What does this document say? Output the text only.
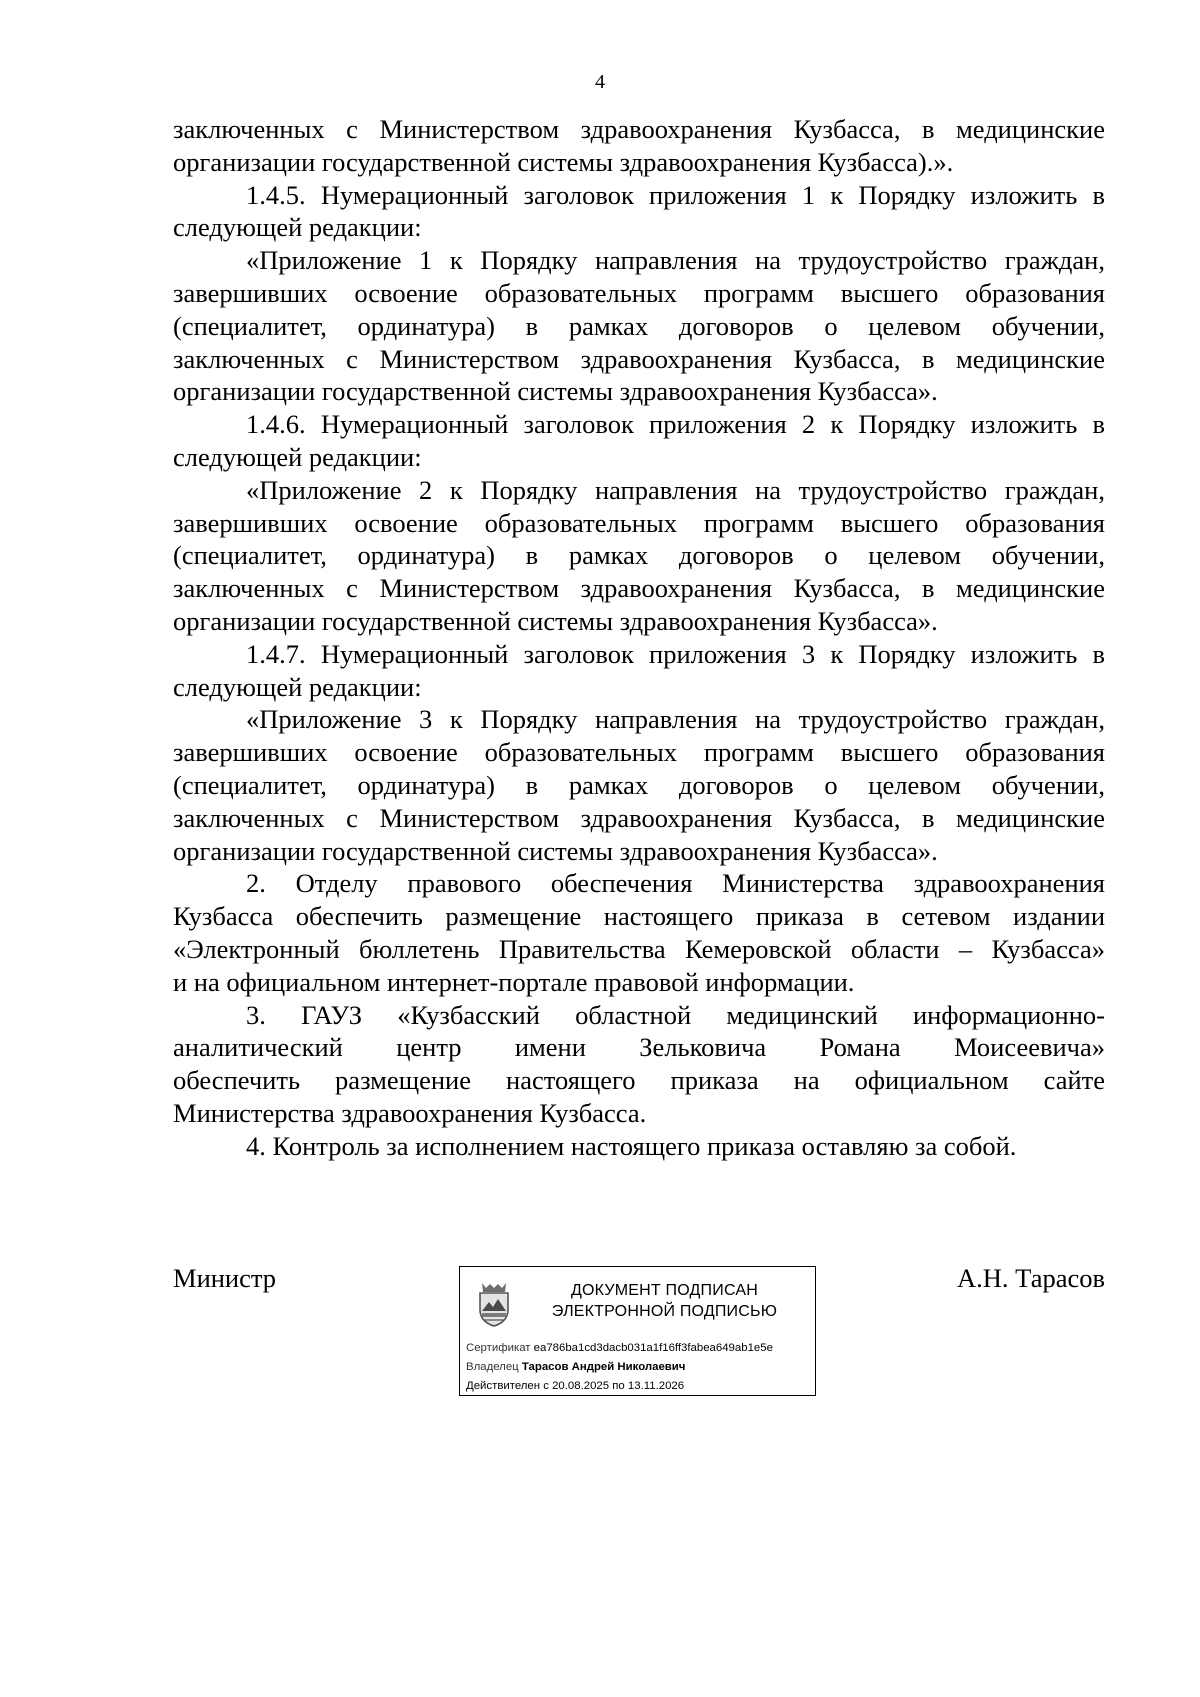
4
заключенных с Министерством здравоохранения Кузбасса, в медицинские
организации государственной системы здравоохранения Кузбасса).».
1.4.5. Нумерационный заголовок приложения 1 к Порядку изложить в
следующей редакции:
«Приложение 1 к Порядку направления на трудоустройство граждан,
завершивших освоение образовательных программ высшего образования
(специалитет, ординатура) в рамках договоров о целевом обучении,
заключенных с Министерством здравоохранения Кузбасса, в медицинские
организации государственной системы здравоохранения Кузбасса».
1.4.6. Нумерационный заголовок приложения 2 к Порядку изложить в
следующей редакции:
«Приложение 2 к Порядку направления на трудоустройство граждан,
завершивших освоение образовательных программ высшего образования
(специалитет, ординатура) в рамках договоров о целевом обучении,
заключенных с Министерством здравоохранения Кузбасса, в медицинские
организации государственной системы здравоохранения Кузбасса».
1.4.7. Нумерационный заголовок приложения 3 к Порядку изложить в
следующей редакции:
«Приложение 3 к Порядку направления на трудоустройство граждан,
завершивших освоение образовательных программ высшего образования
(специалитет, ординатура) в рамках договоров о целевом обучении,
заключенных с Министерством здравоохранения Кузбасса, в медицинские
организации государственной системы здравоохранения Кузбасса».
2. Отделу правового обеспечения Министерства здравоохранения
Кузбасса обеспечить размещение настоящего приказа в сетевом издании
«Электронный бюллетень Правительства Кемеровской области – Кузбасса»
и на официальном интернет-портале правовой информации.
3. ГАУЗ «Кузбасский областной медицинский информационно-
аналитический центр имени Зельковича Романа Моисеевича»
обеспечить размещение настоящего приказа на официальном сайте
Министерства здравоохранения Кузбасса.
4. Контроль за исполнением настоящего приказа оставляю за собой.
Министр	А.Н. Тарасов
ДОКУМЕНТ ПОДПИСАН
ЭЛЕКТРОННОЙ ПОДПИСЬЮ
Сертификат ea786ba1cd3dacb031a1f16ff3fabea649ab1e5e
Владелец Тарасов Андрей Николаевич
Действителен с 20.08.2025 по 13.11.2026
